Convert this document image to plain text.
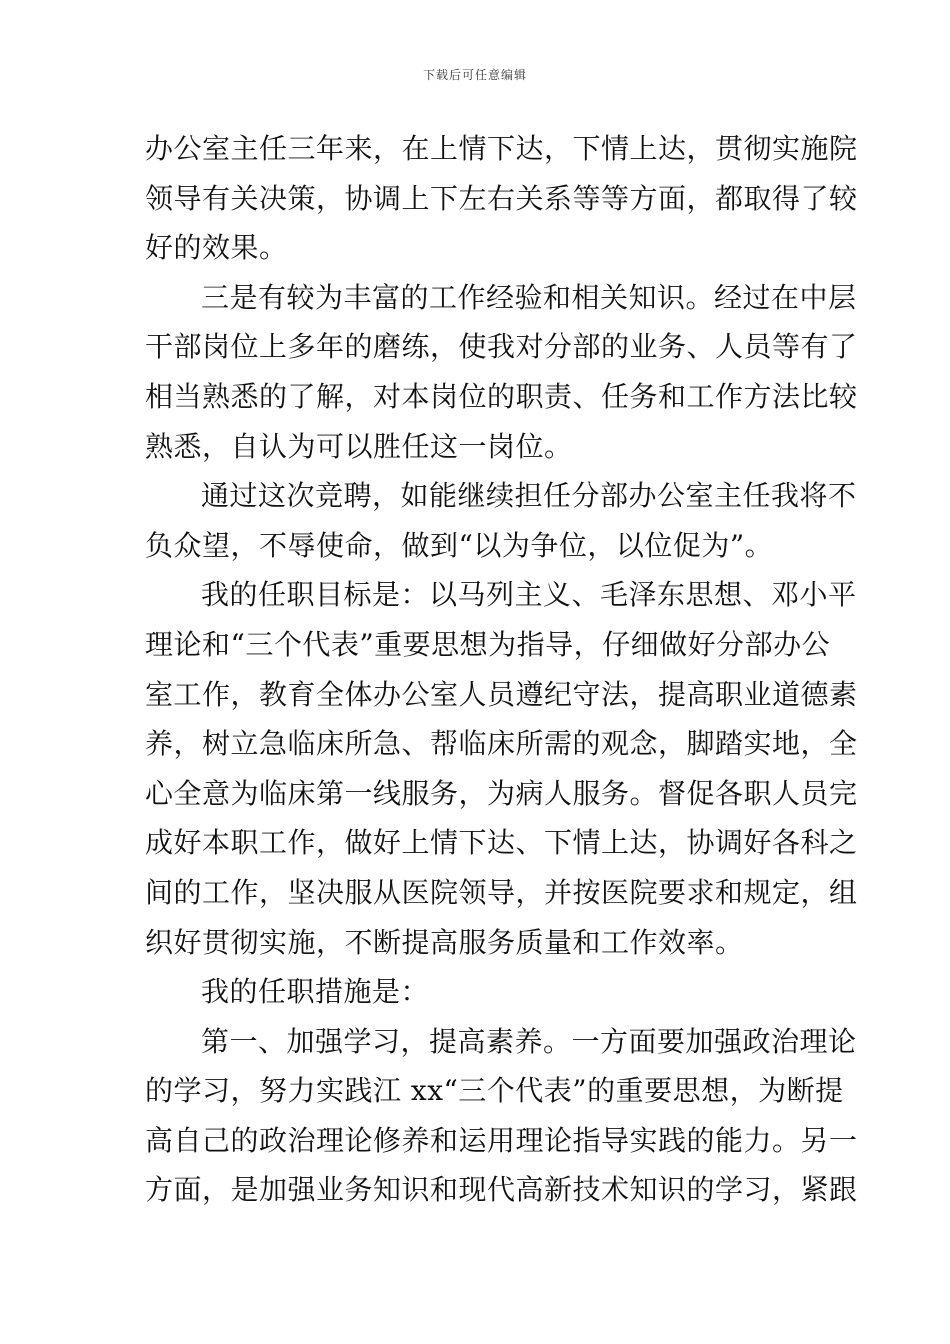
下载后可任意编辑
办公室主任三年来，在上情下达，下情上达，贯彻实施院
领导有关决策，协调上下左右关系等等方面，都取得了较
好的效果。
三是有较为丰富的工作经验和相关知识。经过在中层
干部岗位上多年的磨练，使我对分部的业务、人员等有了
相当熟悉的了解，对本岗位的职责、任务和工作方法比较
熟悉，自认为可以胜任这一岗位。
通过这次竞聘，如能继续担任分部办公室主任我将不
负众望，不辱使命，做到“以为争位，以位促为”。
我的任职目标是：以马列主义、毛泽东思想、邓小平
理论和“三个代表”重要思想为指导，仔细做好分部办公
室工作，教育全体办公室人员遵纪守法，提高职业道德素
养，树立急临床所急、帮临床所需的观念，脚踏实地，全
心全意为临床第一线服务，为病人服务。督促各职人员完
成好本职工作，做好上情下达、下情上达，协调好各科之
间的工作，坚决服从医院领导，并按医院要求和规定，组
织好贯彻实施，不断提高服务质量和工作效率。
我的任职措施是：
第一、加强学习，提高素养。一方面要加强政治理论
的学习，努力实践江 xx“三个代表”的重要思想，为断提
高自己的政治理论修养和运用理论指导实践的能力。另一
方面，是加强业务知识和现代高新技术知识的学习，紧跟
